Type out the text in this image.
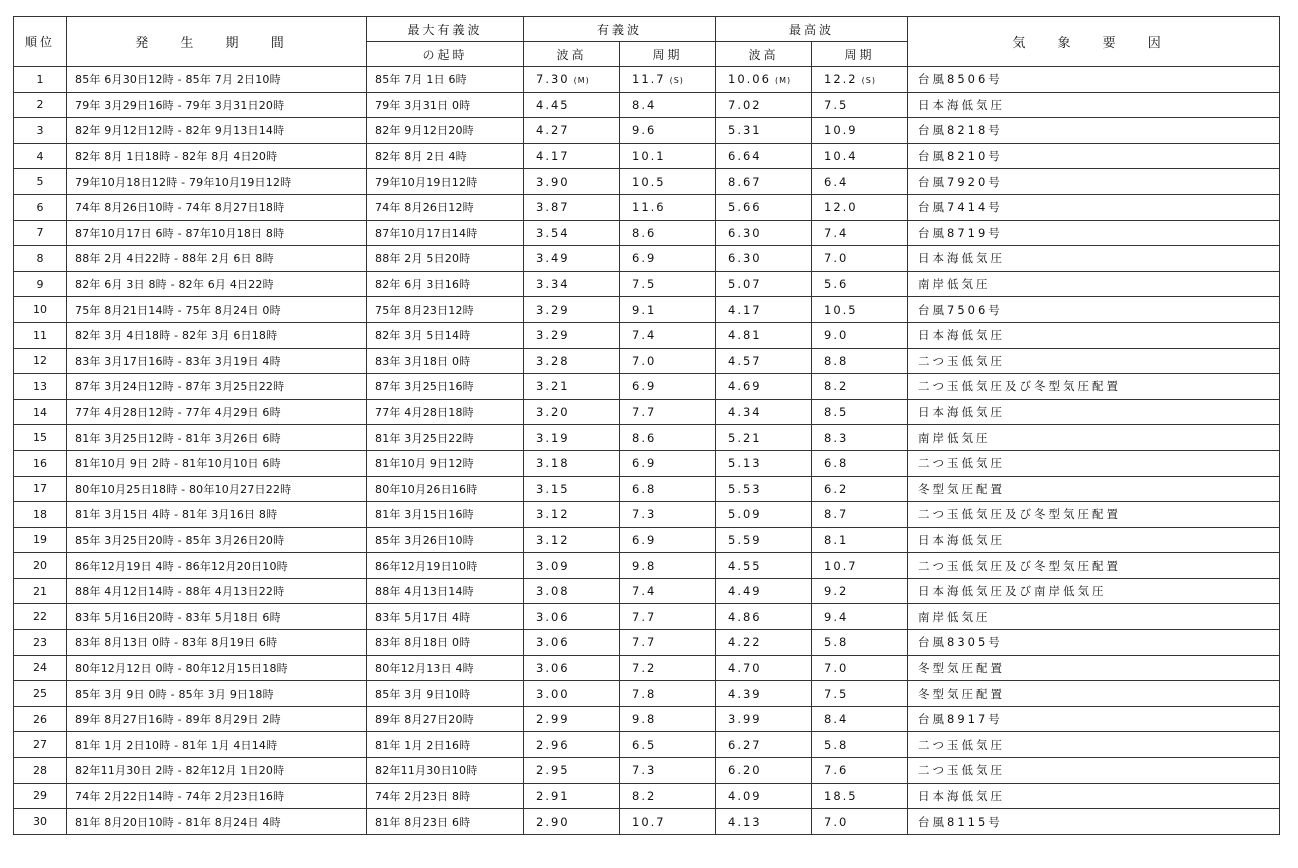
順位	発 生 期 間	最大有義波	有義波		最高波		気 象 要 因
		の起時	波高	周期	波高	周期	
1	85年 6月30日12時 - 85年 7月 2日10時	85年 7月 1日 6時	7.30 (M)	11.7 (S)	10.06 (M)	12.2 (S)	台風8506号
2	79年 3月29日16時 - 79年 3月31日20時	79年 3月31日 0時	4.45	8.4	7.02	7.5	日本海低気圧
3	82年 9月12日12時 - 82年 9月13日14時	82年 9月12日20時	4.27	9.6	5.31	10.9	台風8218号
4	82年 8月 1日18時 - 82年 8月 4日20時	82年 8月 2日 4時	4.17	10.1	6.64	10.4	台風8210号
5	79年10月18日12時 - 79年10月19日12時	79年10月19日12時	3.90	10.5	8.67	6.4	台風7920号
6	74年 8月26日10時 - 74年 8月27日18時	74年 8月26日12時	3.87	11.6	5.66	12.0	台風7414号
7	87年10月17日 6時 - 87年10月18日 8時	87年10月17日14時	3.54	8.6	6.30	7.4	台風8719号
8	88年 2月 4日22時 - 88年 2月 6日 8時	88年 2月 5日20時	3.49	6.9	6.30	7.0	日本海低気圧
9	82年 6月 3日 8時 - 82年 6月 4日22時	82年 6月 3日16時	3.34	7.5	5.07	5.6	南岸低気圧
10	75年 8月21日14時 - 75年 8月24日 0時	75年 8月23日12時	3.29	9.1	4.17	10.5	台風7506号
11	82年 3月 4日18時 - 82年 3月 6日18時	82年 3月 5日14時	3.29	7.4	4.81	9.0	日本海低気圧
12	83年 3月17日16時 - 83年 3月19日 4時	83年 3月18日 0時	3.28	7.0	4.57	8.8	二つ玉低気圧
13	87年 3月24日12時 - 87年 3月25日22時	87年 3月25日16時	3.21	6.9	4.69	8.2	二つ玉低気圧及び冬型気圧配置
14	77年 4月28日12時 - 77年 4月29日 6時	77年 4月28日18時	3.20	7.7	4.34	8.5	日本海低気圧
15	81年 3月25日12時 - 81年 3月26日 6時	81年 3月25日22時	3.19	8.6	5.21	8.3	南岸低気圧
16	81年10月 9日 2時 - 81年10月10日 6時	81年10月 9日12時	3.18	6.9	5.13	6.8	二つ玉低気圧
17	80年10月25日18時 - 80年10月27日22時	80年10月26日16時	3.15	6.8	5.53	6.2	冬型気圧配置
18	81年 3月15日 4時 - 81年 3月16日 8時	81年 3月15日16時	3.12	7.3	5.09	8.7	二つ玉低気圧及び冬型気圧配置
19	85年 3月25日20時 - 85年 3月26日20時	85年 3月26日10時	3.12	6.9	5.59	8.1	日本海低気圧
20	86年12月19日 4時 - 86年12月20日10時	86年12月19日10時	3.09	9.8	4.55	10.7	二つ玉低気圧及び冬型気圧配置
21	88年 4月12日14時 - 88年 4月13日22時	88年 4月13日14時	3.08	7.4	4.49	9.2	日本海低気圧及び南岸低気圧
22	83年 5月16日20時 - 83年 5月18日 6時	83年 5月17日 4時	3.06	7.7	4.86	9.4	南岸低気圧
23	83年 8月13日 0時 - 83年 8月19日 6時	83年 8月18日 0時	3.06	7.7	4.22	5.8	台風8305号
24	80年12月12日 0時 - 80年12月15日18時	80年12月13日 4時	3.06	7.2	4.70	7.0	冬型気圧配置
25	85年 3月 9日 0時 - 85年 3月 9日18時	85年 3月 9日10時	3.00	7.8	4.39	7.5	冬型気圧配置
26	89年 8月27日16時 - 89年 8月29日 2時	89年 8月27日20時	2.99	9.8	3.99	8.4	台風8917号
27	81年 1月 2日10時 - 81年 1月 4日14時	81年 1月 2日16時	2.96	6.5	6.27	5.8	二つ玉低気圧
28	82年11月30日 2時 - 82年12月 1日20時	82年11月30日10時	2.95	7.3	6.20	7.6	二つ玉低気圧
29	74年 2月22日14時 - 74年 2月23日16時	74年 2月23日 8時	2.91	8.2	4.09	18.5	日本海低気圧
30	81年 8月20日10時 - 81年 8月24日 4時	81年 8月23日 6時	2.90	10.7	4.13	7.0	台風8115号
